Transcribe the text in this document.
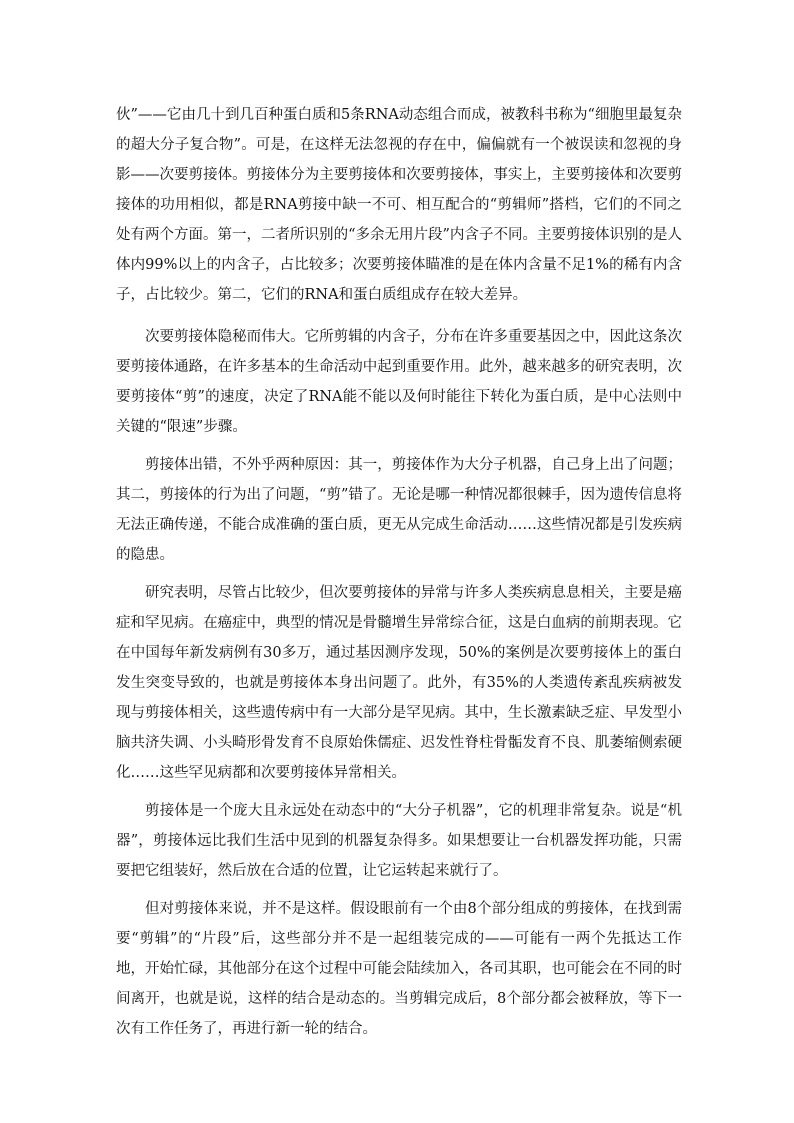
伙”——它由几十到几百种蛋白质和5条RNA动态组合而成，被教科书称为“细胞里最复杂的超大分子复合物”。可是，在这样无法忽视的存在中，偏偏就有一个被误读和忽视的身影——次要剪接体。剪接体分为主要剪接体和次要剪接体，事实上，主要剪接体和次要剪接体的功用相似，都是RNA剪接中缺一不可、相互配合的“剪辑师”搭档，它们的不同之处有两个方面。第一，二者所识别的“多余无用片段”内含子不同。主要剪接体识别的是人体内99%以上的内含子，占比较多；次要剪接体瞄准的是在体内含量不足1%的稀有内含子，占比较少。第二，它们的RNA和蛋白质组成存在较大差异。

次要剪接体隐秘而伟大。它所剪辑的内含子，分布在许多重要基因之中，因此这条次要剪接体通路，在许多基本的生命活动中起到重要作用。此外，越来越多的研究表明，次要剪接体“剪”的速度，决定了RNA能不能以及何时能往下转化为蛋白质，是中心法则中关键的“限速”步骤。

剪接体出错，不外乎两种原因：其一，剪接体作为大分子机器，自己身上出了问题；其二，剪接体的行为出了问题，“剪”错了。无论是哪一种情况都很棘手，因为遗传信息将无法正确传递，不能合成准确的蛋白质，更无从完成生命活动……这些情况都是引发疾病的隐患。

研究表明，尽管占比较少，但次要剪接体的异常与许多人类疾病息息相关，主要是癌症和罕见病。在癌症中，典型的情况是骨髓增生异常综合征，这是白血病的前期表现。它在中国每年新发病例有30多万，通过基因测序发现，50%的案例是次要剪接体上的蛋白发生突变导致的，也就是剪接体本身出问题了。此外，有35%的人类遗传紊乱疾病被发现与剪接体相关，这些遗传病中有一大部分是罕见病。其中，生长激素缺乏症、早发型小脑共济失调、小头畸形骨发育不良原始侏儒症、迟发性脊柱骨骺发育不良、肌萎缩侧索硬化……这些罕见病都和次要剪接体异常相关。

剪接体是一个庞大且永远处在动态中的“大分子机器”，它的机理非常复杂。说是“机器”，剪接体远比我们生活中见到的机器复杂得多。如果想要让一台机器发挥功能，只需要把它组装好，然后放在合适的位置，让它运转起来就行了。

但对剪接体来说，并不是这样。假设眼前有一个由8个部分组成的剪接体，在找到需要“剪辑”的“片段”后，这些部分并不是一起组装完成的——可能有一两个先抵达工作地，开始忙碌，其他部分在这个过程中可能会陆续加入，各司其职，也可能会在不同的时间离开，也就是说，这样的结合是动态的。当剪辑完成后，8个部分都会被释放，等下一次有工作任务了，再进行新一轮的结合。
